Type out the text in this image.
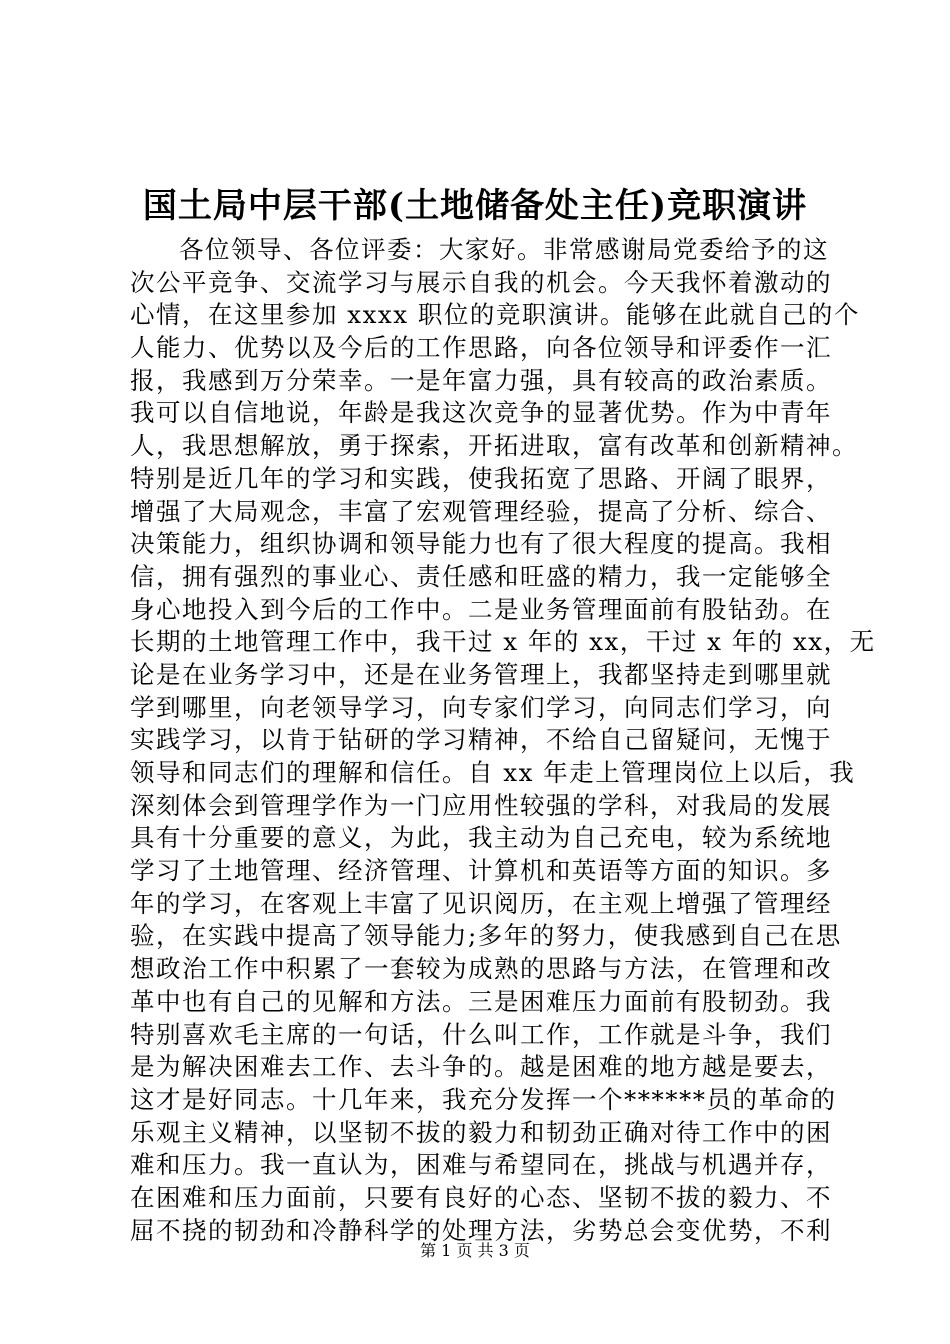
国土局中层干部(土地储备处主任)竞职演讲
各位领导、各位评委：大家好。非常感谢局党委给予的这
次公平竞争、交流学习与展示自我的机会。今天我怀着激动的
心情，在这里参加 xxxx 职位的竞职演讲。能够在此就自己的个
人能力、优势以及今后的工作思路，向各位领导和评委作一汇
报，我感到万分荣幸。一是年富力强，具有较高的政治素质。
我可以自信地说，年龄是我这次竞争的显著优势。作为中青年
人，我思想解放，勇于探索，开拓进取，富有改革和创新精神。
特别是近几年的学习和实践，使我拓宽了思路、开阔了眼界，
增强了大局观念，丰富了宏观管理经验，提高了分析、综合、
决策能力，组织协调和领导能力也有了很大程度的提高。我相
信，拥有强烈的事业心、责任感和旺盛的精力，我一定能够全
身心地投入到今后的工作中。二是业务管理面前有股钻劲。在
长期的土地管理工作中，我干过 x 年的 xx，干过 x 年的 xx，无
论是在业务学习中，还是在业务管理上，我都坚持走到哪里就
学到哪里，向老领导学习，向专家们学习，向同志们学习，向
实践学习，以肯于钻研的学习精神，不给自己留疑问，无愧于
领导和同志们的理解和信任。自 xx 年走上管理岗位上以后，我
深刻体会到管理学作为一门应用性较强的学科，对我局的发展
具有十分重要的意义，为此，我主动为自己充电，较为系统地
学习了土地管理、经济管理、计算机和英语等方面的知识。多
年的学习，在客观上丰富了见识阅历，在主观上增强了管理经
验，在实践中提高了领导能力;多年的努力，使我感到自己在思
想政治工作中积累了一套较为成熟的思路与方法，在管理和改
革中也有自己的见解和方法。三是困难压力面前有股韧劲。我
特别喜欢毛主席的一句话，什么叫工作，工作就是斗争，我们
是为解决困难去工作、去斗争的。越是困难的地方越是要去，
这才是好同志。十几年来，我充分发挥一个******员的革命的
乐观主义精神，以坚韧不拔的毅力和韧劲正确对待工作中的困
难和压力。我一直认为，困难与希望同在，挑战与机遇并存，
在困难和压力面前，只要有良好的心态、坚韧不拔的毅力、不
屈不挠的韧劲和冷静科学的处理方法，劣势总会变优势，不利
第 1 页 共 3 页
